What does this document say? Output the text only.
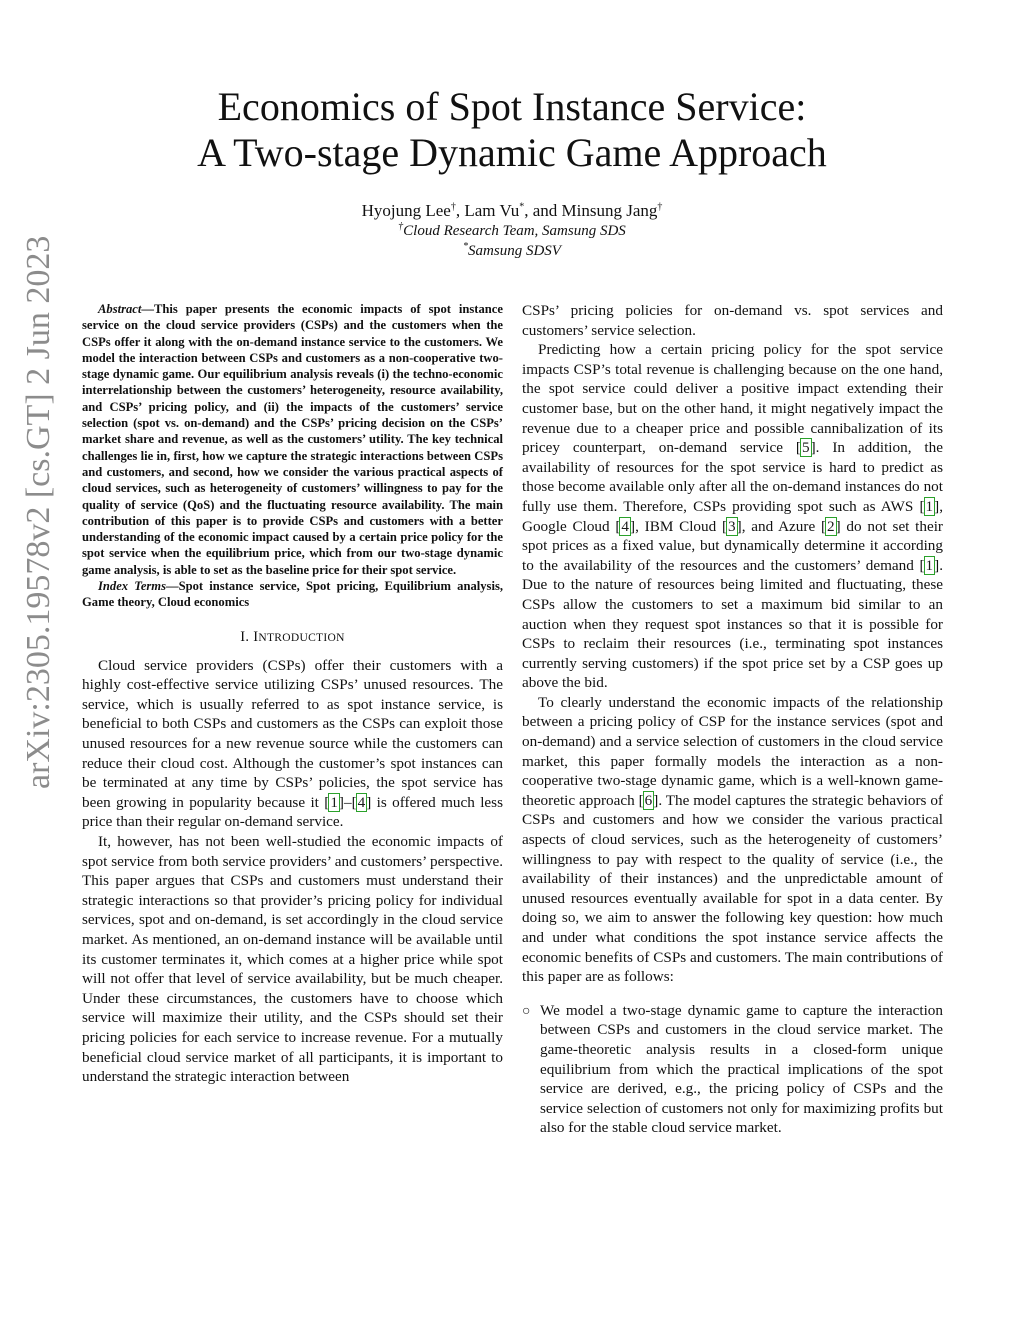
arXiv:2305.19578v2 [cs.GT] 2 Jun 2023
Economics of Spot Instance Service:
A Two-stage Dynamic Game Approach
Hyojung Lee†, Lam Vu*, and Minsung Jang†
†Cloud Research Team, Samsung SDS
*Samsung SDSV

Abstract—This paper presents the economic impacts of spot instance service on the cloud service providers (CSPs) and the customers when the CSPs offer it along with the on-demand instance service to the customers. We model the interaction between CSPs and customers as a non-cooperative two-stage dynamic game. Our equilibrium analysis reveals (i) the techno-economic interrelationship between the customers’ heterogeneity, resource availability, and CSPs’ pricing policy, and (ii) the impacts of the customers’ service selection (spot vs. on-demand) and the CSPs’ pricing decision on the CSPs’ market share and revenue, as well as the customers’ utility. The key technical challenges lie in, first, how we capture the strategic interactions between CSPs and customers, and second, how we consider the various practical aspects of cloud services, such as heterogeneity of customers’ willingness to pay for the quality of service (QoS) and the fluctuating resource availability. The main contribution of this paper is to provide CSPs and customers with a better understanding of the economic impact caused by a certain price policy for the spot service when the equilibrium price, which from our two-stage dynamic game analysis, is able to set as the baseline price for their spot service.

Index Terms—Spot instance service, Spot pricing, Equilibrium analysis, Game theory, Cloud economics

I. INTRODUCTION

Cloud service providers (CSPs) offer their customers with a highly cost-effective service utilizing CSPs’ unused resources. The service, which is usually referred to as spot instance service, is beneficial to both CSPs and customers as the CSPs can exploit those unused resources for a new revenue source while the customers can reduce their cloud cost. Although the customer’s spot instances can be terminated at any time by CSPs’ policies, the spot service has been growing in popularity because it [1]–[4] is offered much less price than their regular on-demand service.

It, however, has not been well-studied the economic impacts of spot service from both service providers’ and customers’ perspective. This paper argues that CSPs and customers must understand their strategic interactions so that provider’s pricing policy for individual services, spot and on-demand, is set accordingly in the cloud service market. As mentioned, an on-demand instance will be available until its customer terminates it, which comes at a higher price while spot will not offer that level of service availability, but be much cheaper. Under these circumstances, the customers have to choose which service will maximize their utility, and the CSPs should set their pricing policies for each service to increase revenue. For a mutually beneficial cloud service market of all participants, it is important to understand the strategic interaction between

CSPs’ pricing policies for on-demand vs. spot services and customers’ service selection.

Predicting how a certain pricing policy for the spot service impacts CSP’s total revenue is challenging because on the one hand, the spot service could deliver a positive impact extending their customer base, but on the other hand, it might negatively impact the revenue due to a cheaper price and possible cannibalization of its pricey counterpart, on-demand service [5]. In addition, the availability of resources for the spot service is hard to predict as those become available only after all the on-demand instances do not fully use them. Therefore, CSPs providing spot such as AWS [1], Google Cloud [4], IBM Cloud [3], and Azure [2] do not set their spot prices as a fixed value, but dynamically determine it according to the availability of the resources and the customers’ demand [1]. Due to the nature of resources being limited and fluctuating, these CSPs allow the customers to set a maximum bid similar to an auction when they request spot instances so that it is possible for CSPs to reclaim their resources (i.e., terminating spot instances currently serving customers) if the spot price set by a CSP goes up above the bid.

To clearly understand the economic impacts of the relationship between a pricing policy of CSP for the instance services (spot and on-demand) and a service selection of customers in the cloud service market, this paper formally models the interaction as a non-cooperative two-stage dynamic game, which is a well-known game-theoretic approach [6]. The model captures the strategic behaviors of CSPs and customers and how we consider the various practical aspects of cloud services, such as the heterogeneity of customers’ willingness to pay with respect to the quality of service (i.e., the availability of their instances) and the unpredictable amount of unused resources eventually available for spot in a data center. By doing so, we aim to answer the following key question: how much and under what conditions the spot instance service affects the economic benefits of CSPs and customers. The main contributions of this paper are as follows:

○ We model a two-stage dynamic game to capture the interaction between CSPs and customers in the cloud service market. The game-theoretic analysis results in a closed-form unique equilibrium from which the practical implications of the spot service are derived, e.g., the pricing policy of CSPs and the service selection of customers not only for maximizing profits but also for the stable cloud service market.
